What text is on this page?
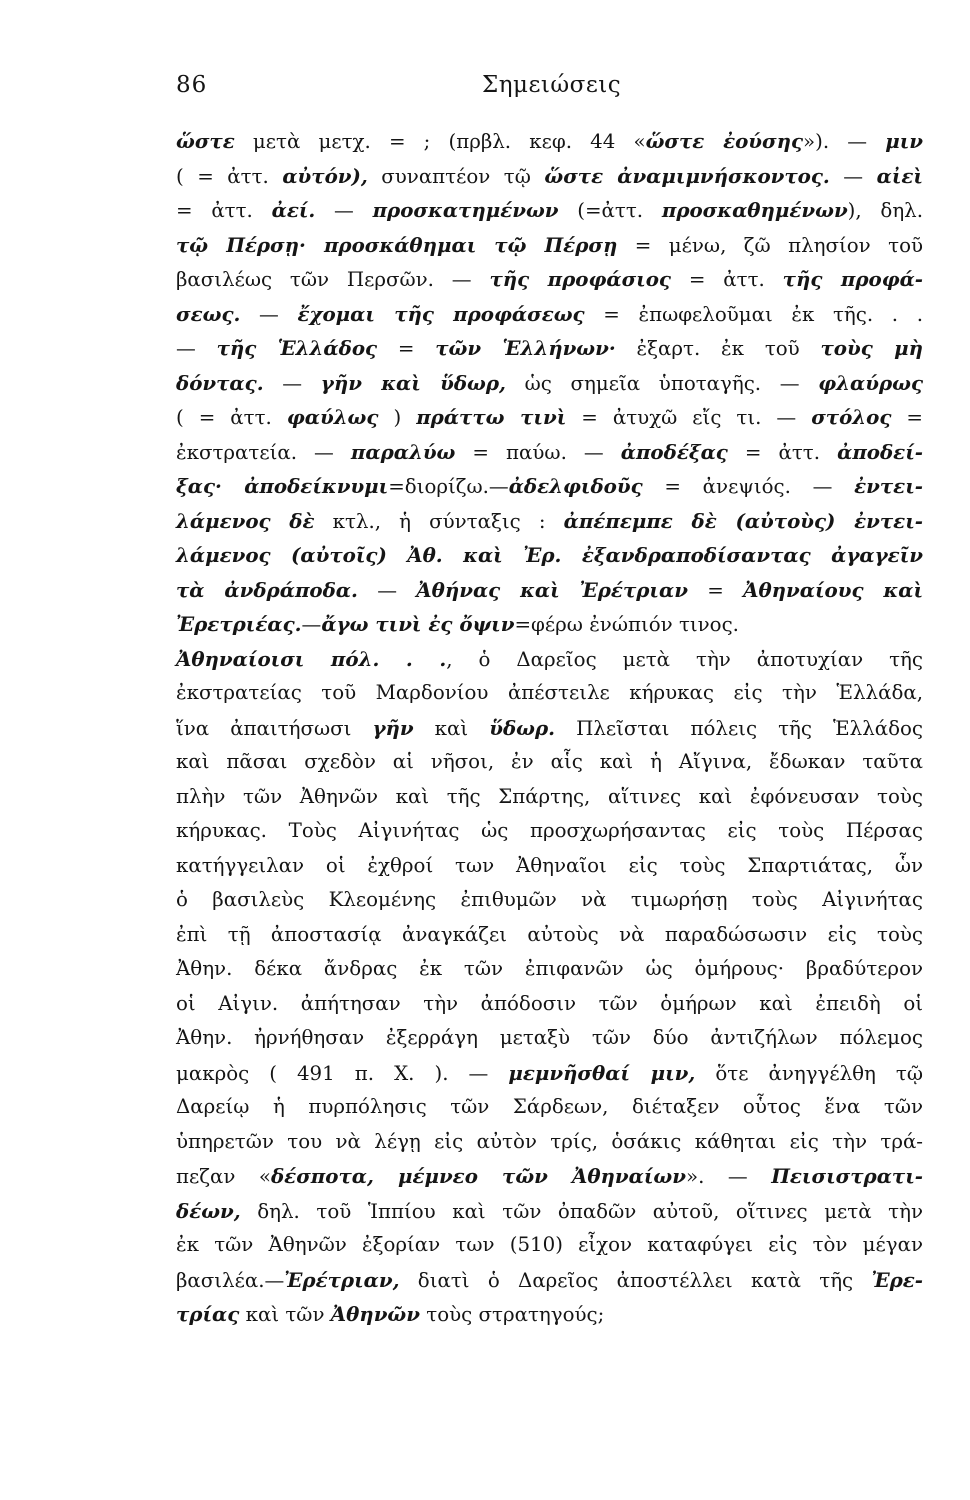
86	Σημειώσεις
ὥστε μετὰ μετχ. = ; (πρβλ. κεφ. 44 «ὥστε ἐούσης»). — μιν
( = ἀττ. αὐτόν), συναπτέον τῷ ὥστε ἀναμιμνήσκοντος. — αἰεὶ
= ἀττ. ἀεί. — προσκατημένων (=ἀττ. προσκαθημένων), δηλ.
τῷ Πέρσῃ· προσκάθημαι τῷ Πέρσῃ = μένω, ζῶ πλησίον τοῦ
βασιλέως τῶν Περσῶν. — τῆς προφάσιος = ἀττ. τῆς προφά-
σεως. — ἔχομαι τῆς προφάσεως = ἐπωφελοῦμαι ἐκ τῆς. . .
— τῆς Ἑλλάδος = τῶν Ἑλλήνων· ἐξαρτ. ἐκ τοῦ τοὺς μὴ
δόντας. — γῆν καὶ ὕδωρ, ὡς σημεῖα ὑποταγῆς. — φλαύρως
( = ἀττ. φαύλως ) πράττω τινὶ = ἀτυχῶ εἴς τι. — στόλος =
ἐκστρατεία. — παραλύω = παύω. — ἀποδέξας = ἀττ. ἀποδεί-
ξας· ἀποδείκνυμι=διορίζω.—ἀδελφιδοῦς = ἀνεψιός. — ἐντει-
λάμενος δὲ κτλ., ἡ σύνταξις : ἀπέπεμπε δὲ (αὐτοὺς) ἐντει-
λάμενος (αὐτοῖς) Ἀθ. καὶ Ἐρ. ἐξανδραποδίσαντας ἀγαγεῖν
τὰ ἀνδράποδα. — Ἀθήνας καὶ Ἐρέτριαν = Ἀθηναίους καὶ
Ἐρετριέας.—ἄγω τινὶ ἐς ὄψιν=φέρω ἐνώπιόν τινος.
Ἀθηναίοισι πόλ. . ., ὁ Δαρεῖος μετὰ τὴν ἀποτυχίαν τῆς
ἐκστρατείας τοῦ Μαρδονίου ἀπέστειλε κήρυκας εἰς τὴν Ἑλλάδα,
ἵνα ἀπαιτήσωσι γῆν καὶ ὕδωρ. Πλεῖσται πόλεις τῆς Ἑλλάδος
καὶ πᾶσαι σχεδὸν αἱ νῆσοι, ἐν αἷς καὶ ἡ Αἴγινα, ἔδωκαν ταῦτα
πλὴν τῶν Ἀθηνῶν καὶ τῆς Σπάρτης, αἵτινες καὶ ἐφόνευσαν τοὺς
κήρυκας. Τοὺς Αἰγινήτας ὡς προσχωρήσαντας εἰς τοὺς Πέρσας
κατήγγειλαν οἱ ἐχθροί των Ἀθηναῖοι εἰς τοὺς Σπαρτιάτας, ὧν
ὁ βασιλεὺς Κλεομένης ἐπιθυμῶν νὰ τιμωρήσῃ τοὺς Αἰγινήτας
ἐπὶ τῇ ἀποστασίᾳ ἀναγκάζει αὐτοὺς νὰ παραδώσωσιν εἰς τοὺς
Ἀθην. δέκα ἄνδρας ἐκ τῶν ἐπιφανῶν ὡς ὁμήρους· βραδύτερον
οἱ Αἰγιν. ἀπήτησαν τὴν ἀπόδοσιν τῶν ὁμήρων καὶ ἐπειδὴ οἱ
Ἀθην. ἠρνήθησαν ἐξερράγη μεταξὺ τῶν δύο ἀντιζήλων πόλεμος
μακρὸς ( 491 π. Χ. ). — μεμνῆσθαί μιν, ὅτε ἀνηγγέλθη τῷ
Δαρείῳ ἡ πυρπόλησις τῶν Σάρδεων, διέταξεν οὗτος ἕνα τῶν
ὑπηρετῶν του νὰ λέγῃ εἰς αὐτὸν τρίς, ὁσάκις κάθηται εἰς τὴν τρά-
πεζαν «δέσποτα, μέμνεο τῶν Ἀθηναίων». — Πεισιστρατι-
δέων, δηλ. τοῦ Ἱππίου καὶ τῶν ὀπαδῶν αὐτοῦ, οἵτινες μετὰ τὴν
ἐκ τῶν Ἀθηνῶν ἐξορίαν των (510) εἶχον καταφύγει εἰς τὸν μέγαν
βασιλέα.—Ἐρέτριαν, διατὶ ὁ Δαρεῖος ἀποστέλλει κατὰ τῆς Ἐρε-
τρίας καὶ τῶν Ἀθηνῶν τοὺς στρατηγούς;
